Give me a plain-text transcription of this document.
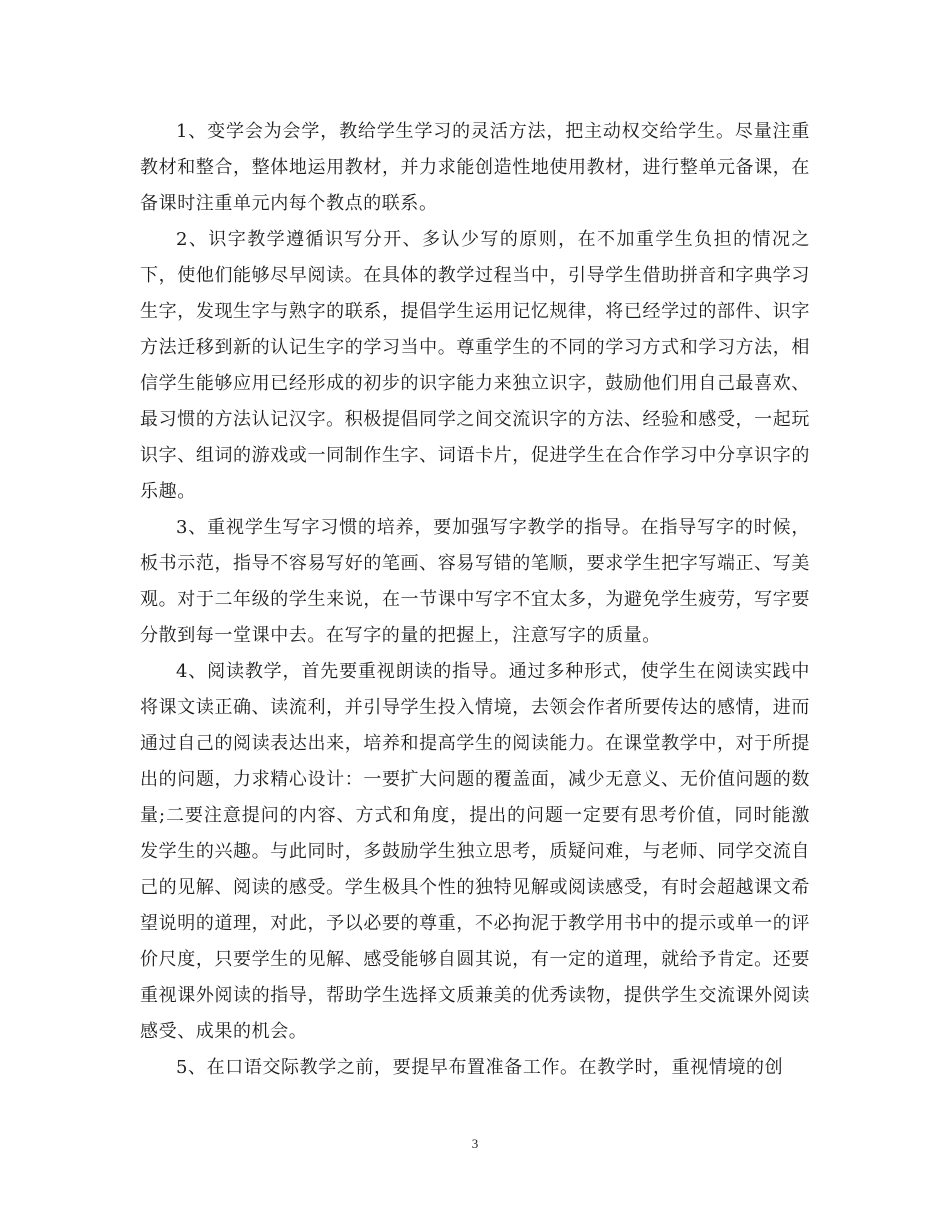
1、变学会为会学，教给学生学习的灵活方法，把主动权交给学生。尽量注重教材和整合，整体地运用教材，并力求能创造性地使用教材，进行整单元备课，在备课时注重单元内每个教点的联系。

2、识字教学遵循识写分开、多认少写的原则，在不加重学生负担的情况之下，使他们能够尽早阅读。在具体的教学过程当中，引导学生借助拼音和字典学习生字，发现生字与熟字的联系，提倡学生运用记忆规律，将已经学过的部件、识字方法迁移到新的认记生字的学习当中。尊重学生的不同的学习方式和学习方法，相信学生能够应用已经形成的初步的识字能力来独立识字，鼓励他们用自己最喜欢、最习惯的方法认记汉字。积极提倡同学之间交流识字的方法、经验和感受，一起玩识字、组词的游戏或一同制作生字、词语卡片，促进学生在合作学习中分享识字的乐趣。

3、重视学生写字习惯的培养，要加强写字教学的指导。在指导写字的时候，板书示范，指导不容易写好的笔画、容易写错的笔顺，要求学生把字写端正、写美观。对于二年级的学生来说，在一节课中写字不宜太多，为避免学生疲劳，写字要分散到每一堂课中去。在写字的量的把握上，注意写字的质量。

4、阅读教学，首先要重视朗读的指导。通过多种形式，使学生在阅读实践中将课文读正确、读流利，并引导学生投入情境，去领会作者所要传达的感情，进而通过自己的阅读表达出来，培养和提高学生的阅读能力。在课堂教学中，对于所提出的问题，力求精心设计：一要扩大问题的覆盖面，减少无意义、无价值问题的数量;二要注意提问的内容、方式和角度，提出的问题一定要有思考价值，同时能激发学生的兴趣。与此同时，多鼓励学生独立思考，质疑问难，与老师、同学交流自己的见解、阅读的感受。学生极具个性的独特见解或阅读感受，有时会超越课文希望说明的道理，对此，予以必要的尊重，不必拘泥于教学用书中的提示或单一的评价尺度，只要学生的见解、感受能够自圆其说，有一定的道理，就给予肯定。还要重视课外阅读的指导，帮助学生选择文质兼美的优秀读物，提供学生交流课外阅读感受、成果的机会。

5、在口语交际教学之前，要提早布置准备工作。在教学时，重视情境的创

3
